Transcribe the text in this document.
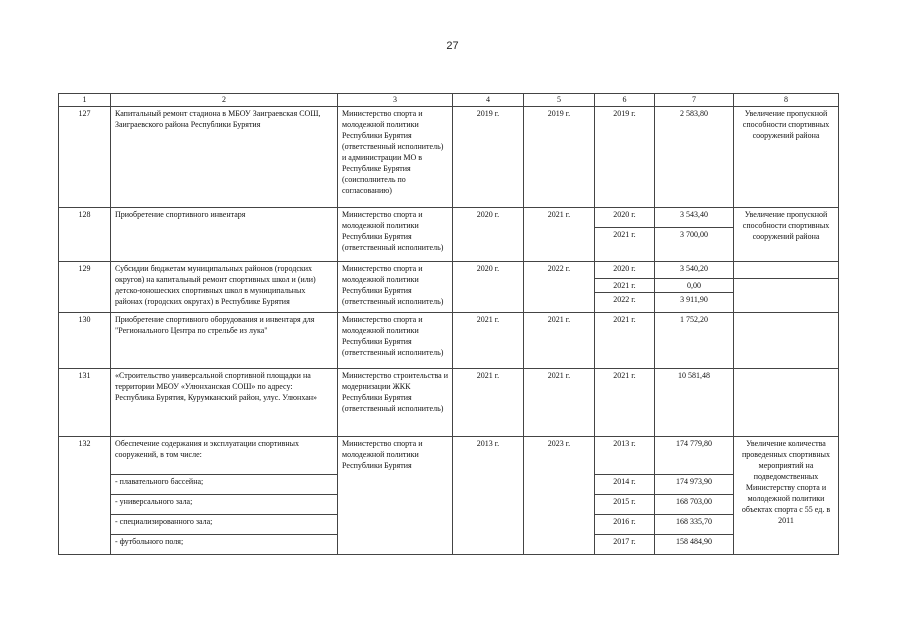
27
1	2	3	4	5	6	7	8
127	Капитальный ремонт стадиона в МБОУ Заиграевская СОШ, Заиграевского района Республики Бурятия	Министерство спорта и молодежной политики Республики Бурятия (ответственный исполнитель) и администрации МО в Республике Бурятия (соисполнитель по согласованию)	2019 г.	2019 г.	2019 г.	2 583,80	Увеличение пропускной способности спортивных сооружений района
128	Приобретение спортивного инвентаря	Министерство спорта и молодежной политики Республики Бурятия (ответственный исполнитель)	2020 г.	2021 г.	2020 г.	3 543,40	Увеличение пропускной способности спортивных сооружений района
					2021 г.	3 700,00	
129	Субсидии бюджетам муниципальных районов (городских округов) на капитальный ремонт спортивных школ и (или) детско-юношеских спортивных школ в муниципальных районах (городских округах) в Республике Бурятия	Министерство спорта и молодежной политики Республики Бурятия (ответственный исполнитель)	2020 г.	2022 г.	2020 г.	3 540,20	
					2021 г.	0,00	
					2022 г.	3 911,90	
130	Приобретение спортивного оборудования и инвентаря для "Регионального Центра по стрельбе из лука"	Министерство спорта и молодежной политики Республики Бурятия (ответственный исполнитель)	2021 г.	2021 г.	2021 г.	1 752,20	
131	«Строительство универсальной спортивной площадки на территории МБОУ «Улюнханская СОШ» по адресу: Республика Бурятия, Курумканский район, улус. Улюнхан»	Министерство строительства и модернизации ЖКК Республики Бурятия (ответственный исполнитель)	2021 г.	2021 г.	2021 г.	10 581,48	
132	Обеспечение содержания и эксплуатации спортивных сооружений, в том числе:	Министерство спорта и молодежной политики Республики Бурятия	2013 г.	2023 г.	2013 г.	174 779,80	Увеличение количества проведенных спортивных мероприятий на подведомственных Министерству спорта и молодежной политики объектах спорта с 55 ед. в 2011
	- плавательного бассейна;				2014 г.	174 973,90	
	- универсального зала;				2015 г.	168 703,00	
	- специализированного зала;				2016 г.	168 335,70	
	- футбольного поля;				2017 г.	158 484,90	
